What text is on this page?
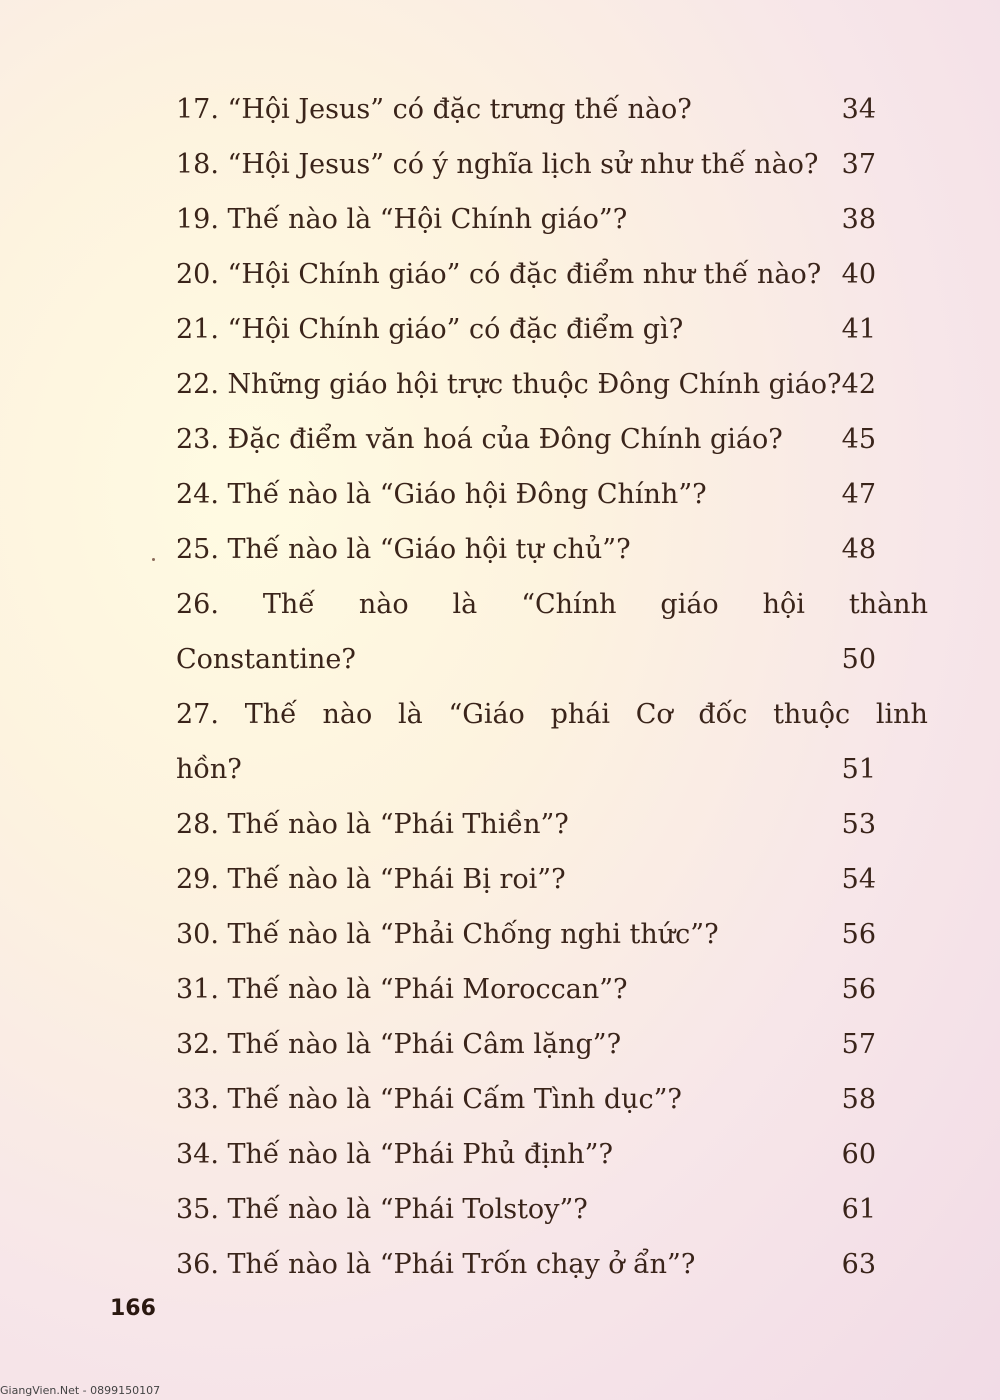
17. “Hội Jesus” có đặc trưng thế nào?	34
18. “Hội Jesus” có ý nghĩa lịch sử như thế nào? 37
19. Thế nào là “Hội Chính giáo”?	38
20. “Hội Chính giáo” có đặc điểm như thế nào? 40
21. “Hội Chính giáo” có đặc điểm gì?	41
22. Những giáo hội trực thuộc Đông Chính giáo? 42
23. Đặc điểm văn hoá của Đông Chính giáo? 45
24. Thế nào là “Giáo hội Đông Chính”?	47
25. Thế nào là “Giáo hội tự chủ”?	48
26. Thế nào là “Chính giáo hội thành
Constantine?	50
27. Thế nào là “Giáo phái Cơ đốc thuộc linh
hồn?	51
28. Thế nào là “Phái Thiền”?	53
29. Thế nào là “Phái Bị roi”?	54
30. Thế nào là “Phải Chống nghi thức”?	56
31. Thế nào là “Phái Moroccan”?	56
32. Thế nào là “Phái Câm lặng”?	57
33. Thế nào là “Phái Cấm Tình dục”?	58
34. Thế nào là “Phái Phủ định”?	60
35. Thế nào là “Phái Tolstoy”?	61
36. Thế nào là “Phái Trốn chạy ở ẩn”?	63
166
GiangVien.Net - 0899150107
